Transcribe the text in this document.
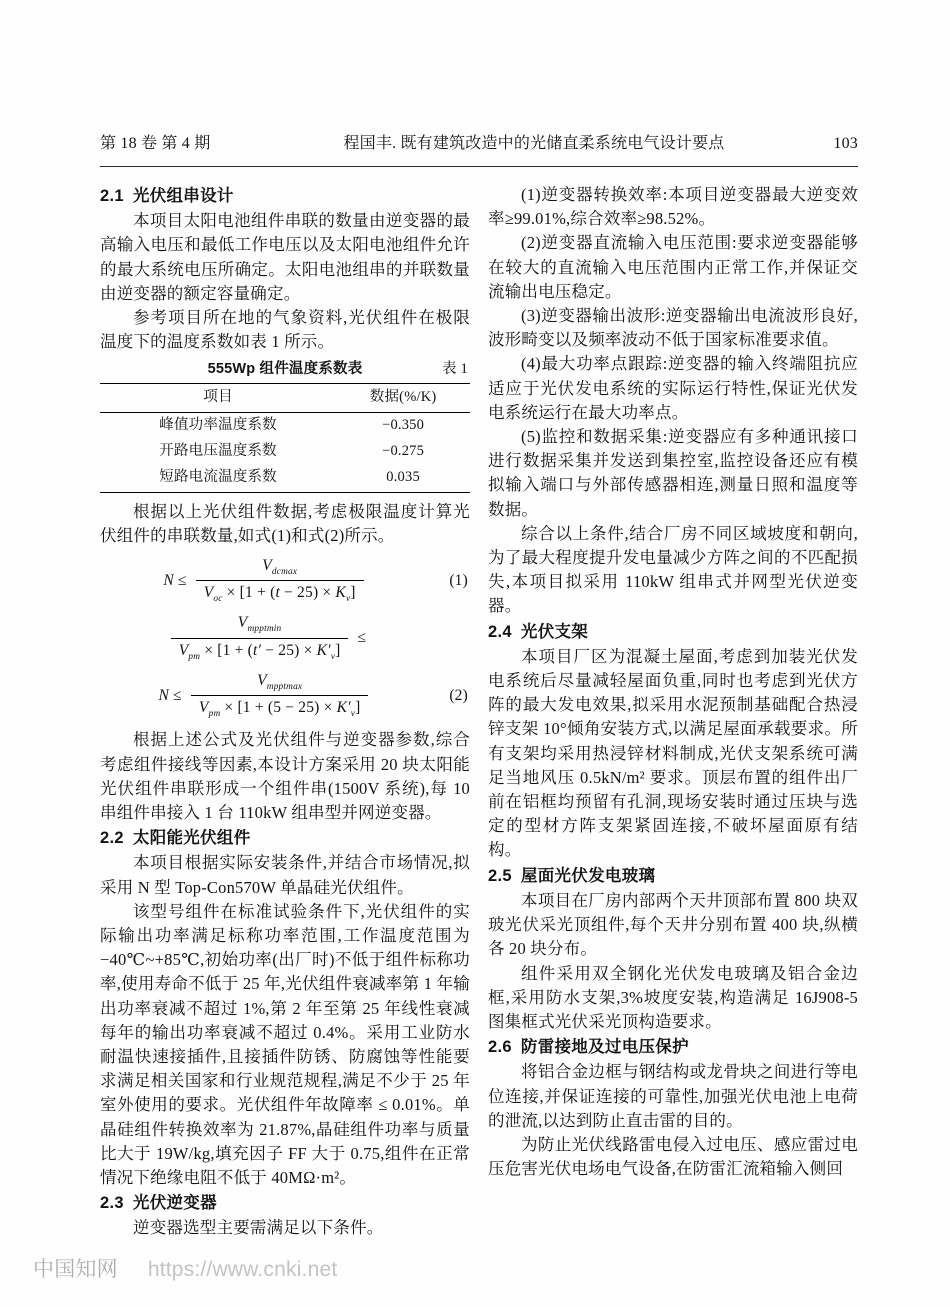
第 18 卷 第 4 期	程国丰. 既有建筑改造中的光储直柔系统电气设计要点	103

2.1 光伏组串设计

本项目太阳电池组件串联的数量由逆变器的最高输入电压和最低工作电压以及太阳电池组件允许的最大系统电压所确定。太阳电池组串的并联数量由逆变器的额定容量确定。

参考项目所在地的气象资料,光伏组件在极限温度下的温度系数如表 1 所示。

555Wp 组件温度系数表	表 1
项目	数据(%/K)
峰值功率温度系数	−0.350
开路电压温度系数	−0.275
短路电流温度系数	0.035

根据以上光伏组件数据,考虑极限温度计算光伏组件的串联数量,如式(1)和式(2)所示。

$N \le \frac{V_{dcmax}}{V_{oc} \times [1 + (t - 25) \times K_v]}$	(1)
$\frac{V_{mpptmin}}{V_{pm} \times [1 + (t' - 25) \times K'_v]}$ ≤
$N \le \frac{V_{mpptmax}}{V_{pm} \times [1 + (5 - 25) \times K'_v]}$	(2)

根据上述公式及光伏组件与逆变器参数,综合考虑组件接线等因素,本设计方案采用 20 块太阳能光伏组件串联形成一个组件串(1500V 系统),每 10 串组件串接入 1 台 110kW 组串型并网逆变器。

2.2 太阳能光伏组件

本项目根据实际安装条件,并结合市场情况,拟采用 N 型 Top-Con570W 单晶硅光伏组件。

该型号组件在标准试验条件下,光伏组件的实际输出功率满足标称功率范围,工作温度范围为−40℃~+85℃,初始功率(出厂时)不低于组件标称功率,使用寿命不低于 25 年,光伏组件衰减率第 1 年输出功率衰减不超过 1%,第 2 年至第 25 年线性衰减每年的输出功率衰减不超过 0.4%。采用工业防水耐温快速接插件,且接插件防锈、防腐蚀等性能要求满足相关国家和行业规范规程,满足不少于 25 年室外使用的要求。光伏组件年故障率 ≤ 0.01%。单晶硅组件转换效率为 21.87%,晶硅组件功率与质量比大于 19W/kg,填充因子 FF 大于 0.75,组件在正常情况下绝缘电阻不低于 40MΩ·m²。

2.3 光伏逆变器

逆变器选型主要需满足以下条件。

(1)逆变器转换效率:本项目逆变器最大逆变效率≥99.01%,综合效率≥98.52%。

(2)逆变器直流输入电压范围:要求逆变器能够在较大的直流输入电压范围内正常工作,并保证交流输出电压稳定。

(3)逆变器输出波形:逆变器输出电流波形良好,波形畸变以及频率波动不低于国家标准要求值。

(4)最大功率点跟踪:逆变器的输入终端阻抗应适应于光伏发电系统的实际运行特性,保证光伏发电系统运行在最大功率点。

(5)监控和数据采集:逆变器应有多种通讯接口进行数据采集并发送到集控室,监控设备还应有模拟输入端口与外部传感器相连,测量日照和温度等数据。

综合以上条件,结合厂房不同区域坡度和朝向,为了最大程度提升发电量减少方阵之间的不匹配损失,本项目拟采用 110kW 组串式并网型光伏逆变器。

2.4 光伏支架

本项目厂区为混凝土屋面,考虑到加装光伏发电系统后尽量减轻屋面负重,同时也考虑到光伏方阵的最大发电效果,拟采用水泥预制基础配合热浸锌支架 10°倾角安装方式,以满足屋面承载要求。所有支架均采用热浸锌材料制成,光伏支架系统可满足当地风压 0.5kN/m² 要求。顶层布置的组件出厂前在铝框均预留有孔洞,现场安装时通过压块与选定的型材方阵支架紧固连接,不破坏屋面原有结构。

2.5 屋面光伏发电玻璃

本项目在厂房内部两个天井顶部布置 800 块双玻光伏采光顶组件,每个天井分别布置 400 块,纵横各 20 块分布。

组件采用双全钢化光伏发电玻璃及铝合金边框,采用防水支架,3%坡度安装,构造满足 16J908-5 图集框式光伏采光顶构造要求。

2.6 防雷接地及过电压保护

将铝合金边框与钢结构或龙骨块之间进行等电位连接,并保证连接的可靠性,加强光伏电池上电荷的泄流,以达到防止直击雷的目的。

为防止光伏线路雷电侵入过电压、感应雷过电压危害光伏电场电气设备,在防雷汇流箱输入侧回

中国知网 https://www.cnki.net
